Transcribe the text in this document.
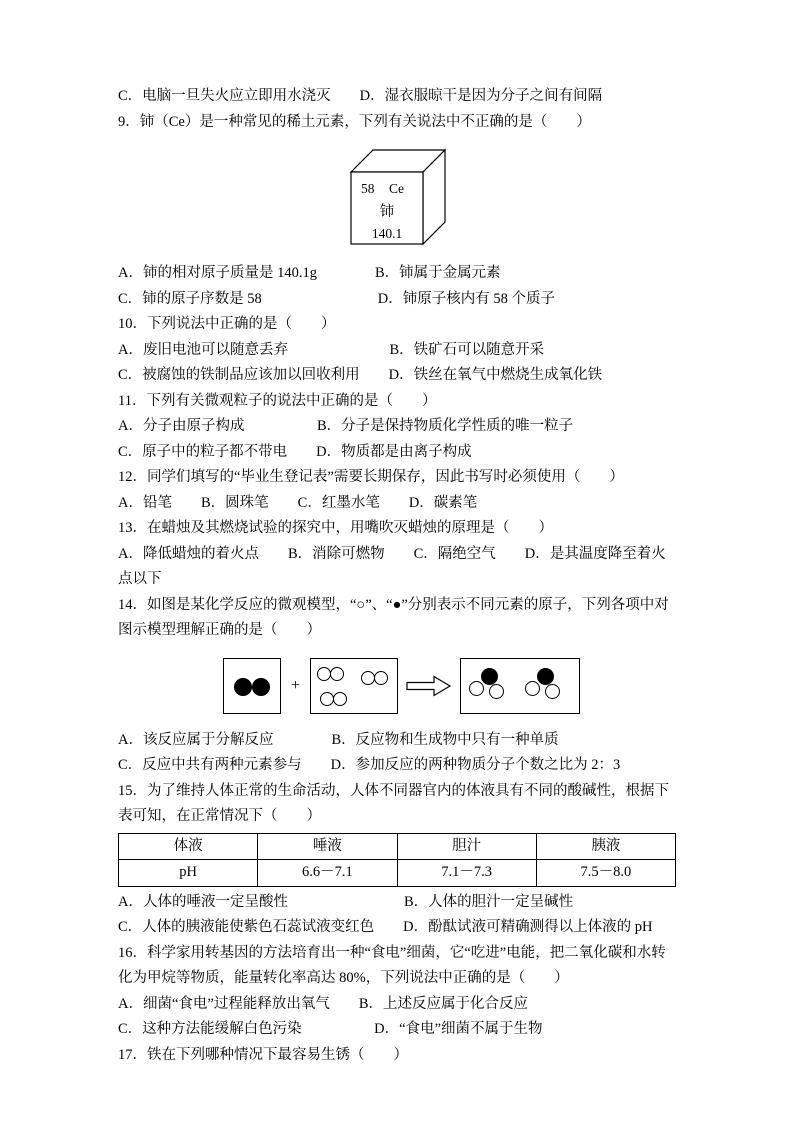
C．电脑一旦失火应立即用水浇灭　　D．湿衣服晾干是因为分子之间有间隔

9．铈（Ce）是一种常见的稀土元素，下列有关说法中不正确的是（　　）

58 Ce
铈
140.1

A．铈的相对原子质量是 140.1g　　　　B．铈属于金属元素

C．铈的原子序数是 58　　　　　　　　D．铈原子核内有 58 个质子

10．下列说法中正确的是（　　）

A．废旧电池可以随意丢弃　　　　　　　B．铁矿石可以随意开采

C．被腐蚀的铁制品应该加以回收利用　　D．铁丝在氧气中燃烧生成氧化铁

11．下列有关微观粒子的说法中正确的是（　　）

A．分子由原子构成　　　　　B．分子是保持物质化学性质的唯一粒子

C．原子中的粒子都不带电　　D．物质都是由离子构成

12．同学们填写的“毕业生登记表”需要长期保存，因此书写时必须使用（　　）

A．铅笔　　B．圆珠笔　　C．红墨水笔　　D．碳素笔

13．在蜡烛及其燃烧试验的探究中，用嘴吹灭蜡烛的原理是（　　）

A．降低蜡烛的着火点　　B．消除可燃物　　C．隔绝空气　　D．是其温度降至着火点以下

14．如图是某化学反应的微观模型，“○”、“●”分别表示不同元素的原子，下列各项中对图示模型理解正确的是（　　）

+

A．该反应属于分解反应　　　　B．反应物和生成物中只有一种单质

C．反应中共有两种元素参与　　D．参加反应的两种物质分子个数之比为 2：3

15．为了维持人体正常的生命活动，人体不同器官内的体液具有不同的酸碱性，根据下表可知，在正常情况下（　　）

体液	唾液	胆汁	胰液
pH	6.6－7.1	7.1－7.3	7.5－8.0

A．人体的唾液一定呈酸性　　　　　　　　B．人体的胆汁一定呈碱性

C．人体的胰液能使紫色石蕊试液变红色　　D．酚酞试液可精确测得以上体液的 pH

16．科学家用转基因的方法培育出一种“食电”细菌，它“吃进”电能，把二氧化碳和水转化为甲烷等物质，能量转化率高达 80%，下列说法中正确的是（　　）

A．细菌“食电”过程能释放出氧气　　B．上述反应属于化合反应

C．这种方法能缓解白色污染　　　　　D．“食电”细菌不属于生物

17．铁在下列哪种情况下最容易生锈（　　）
